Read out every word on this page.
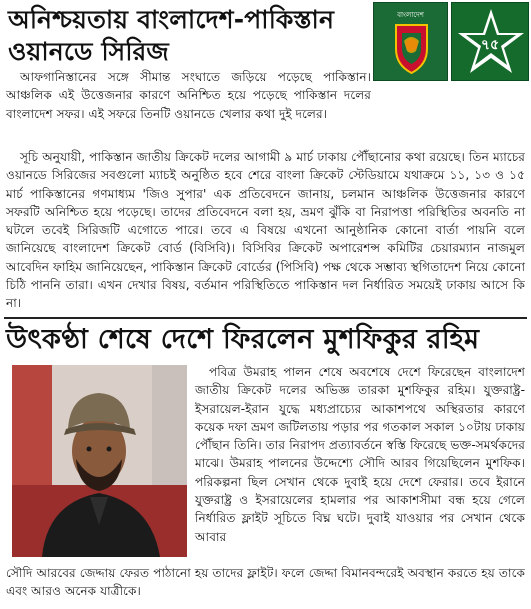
অনিশ্চয়তায় বাংলাদেশ-পাকিস্তান ওয়ানডে সিরিজ
বাংলাদেশ
৭৫

আফগানিস্তানের সঙ্গে সীমান্ত সংঘাতে জড়িয়ে পড়েছে পাকিস্তান। আঞ্চলিক এই উত্তেজনার কারণে অনিশ্চিত হয়ে পড়েছে পাকিস্তান দলের বাংলাদেশ সফর। এই সফরে তিনটি ওয়ানডে খেলার কথা দুই দলের।

সূচি অনুযায়ী, পাকিস্তান জাতীয় ক্রিকেট দলের আগামী ৯ মার্চ ঢাকায় পৌঁছানোর কথা রয়েছে। তিন ম্যাচের ওয়ানডে সিরিজের সবগুলো ম্যাচই অনুষ্ঠিত হবে শেরে বাংলা ক্রিকেট স্টেডিয়ামে যথাক্রমে ১১, ১৩ ও ১৫ মার্চ পাকিস্তানের গণমাধ্যম 'জিও সুপার' এক প্রতিবেদনে জানায়, চলমান আঞ্চলিক উত্তেজনার কারণে সফরটি অনিশ্চিত হয়ে পড়েছে। তাদের প্রতিবেদনে বলা হয়, ভ্রমণ ঝুঁকি বা নিরাপত্তা পরিস্থিতির অবনতি না ঘটলে তবেই সিরিজটি এগোতে পারে। তবে এ বিষয়ে এখনো আনুষ্ঠানিক কোনো বার্তা পায়নি বলে জানিয়েছে বাংলাদেশ ক্রিকেট বোর্ড (বিসিবি)। বিসিবির ক্রিকেট অপারেশন্স কমিটির চেয়ারম্যান নাজমুল আবেদিন ফাহিম জানিয়েছেন, পাকিস্তান ক্রিকেট বোর্ডের (পিসিবি) পক্ষ থেকে সম্ভাব্য স্থগিতাদেশ নিয়ে কোনো চিঠি পাননি তারা। এখন দেখার বিষয়, বর্তমান পরিস্থিতিতে পাকিস্তান দল নির্ধারিত সময়েই ঢাকায় আসে কি না।

উৎকণ্ঠা শেষে দেশে ফিরলেন মুশফিকুর রহিম

পবিত্র উমরাহ পালন শেষে অবশেষে দেশে ফিরেছেন বাংলাদেশ জাতীয় ক্রিকেট দলের অভিজ্ঞ তারকা মুশফিকুর রহিম। যুক্তরাষ্ট্র-ইসরায়েল-ইরান যুদ্ধে মধ্যপ্রাচ্যের আকাশপথে অস্থিরতার কারণে কয়েক দফা ভ্রমণ জটিলতায় পড়ার পর গতকাল সকাল ১০টায় ঢাকায় পৌঁছান তিনি। তার নিরাপদ প্রত্যাবর্তনে স্বস্তি ফিরেছে ভক্ত-সমর্থকদের মাঝে। উমরাহ পালনের উদ্দেশ্যে সৌদি আরব গিয়েছিলেন মুশফিক। পরিকল্পনা ছিল সেখান থেকে দুবাই হয়ে দেশে ফেরার। তবে ইরানে যুক্তরাষ্ট্র ও ইসরায়েলের হামলার পর আকাশসীমা বন্ধ হয়ে গেলে নির্ধারিত ফ্লাইট সূচিতে বিঘ্ন ঘটে। দুবাই যাওয়ার পর সেখান থেকে আবার

সৌদি আরবের জেদ্দায় ফেরত পাঠানো হয় তাদের ফ্লাইট। ফলে জেদ্দা বিমানবন্দরেই অবস্থান করতে হয় তাকে এবং আরও অনেক যাত্রীকে।
